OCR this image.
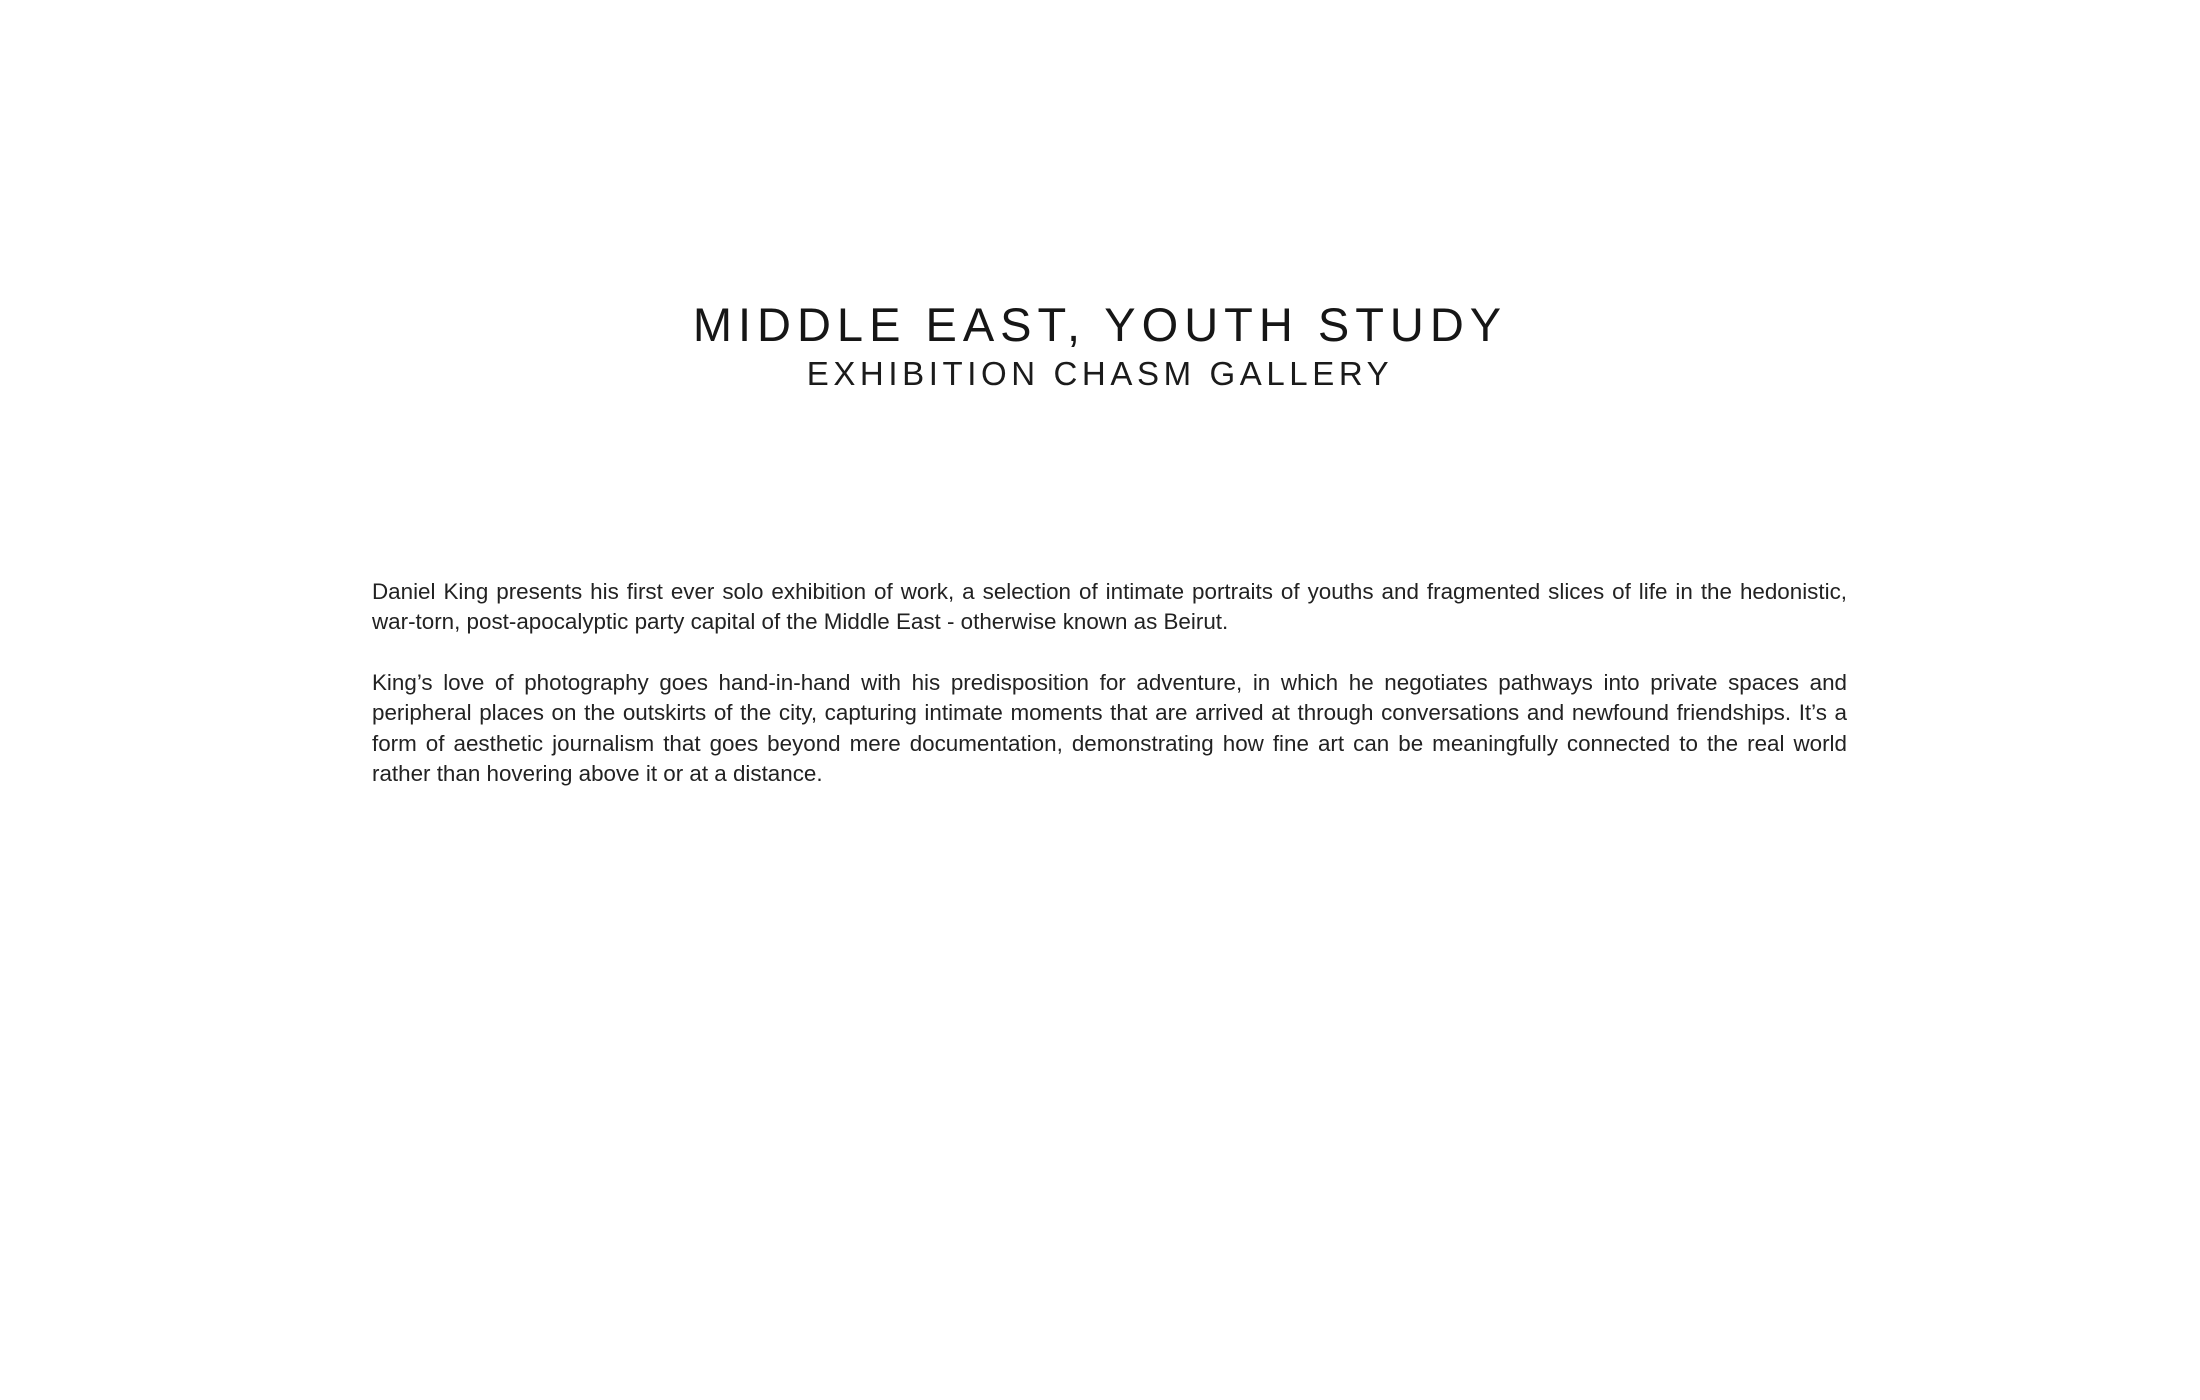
MIDDLE EAST, YOUTH STUDY
EXHIBITION CHASM GALLERY

Daniel King presents his first ever solo exhibition of work, a selection of intimate portraits of youths and fragmented slices of life in the hedonistic, war-torn, post-apocalyptic party capital of the Middle East - otherwise known as Beirut.

King’s love of photography goes hand-in-hand with his predisposition for adventure, in which he negotiates pathways into private spaces and peripheral places on the outskirts of the city, capturing intimate moments that are arrived at through conversations and newfound friendships. It’s a form of aesthetic journalism that goes beyond mere documentation, demonstrating how fine art can be meaningfully connected to the real world rather than hovering above it or at a distance.
